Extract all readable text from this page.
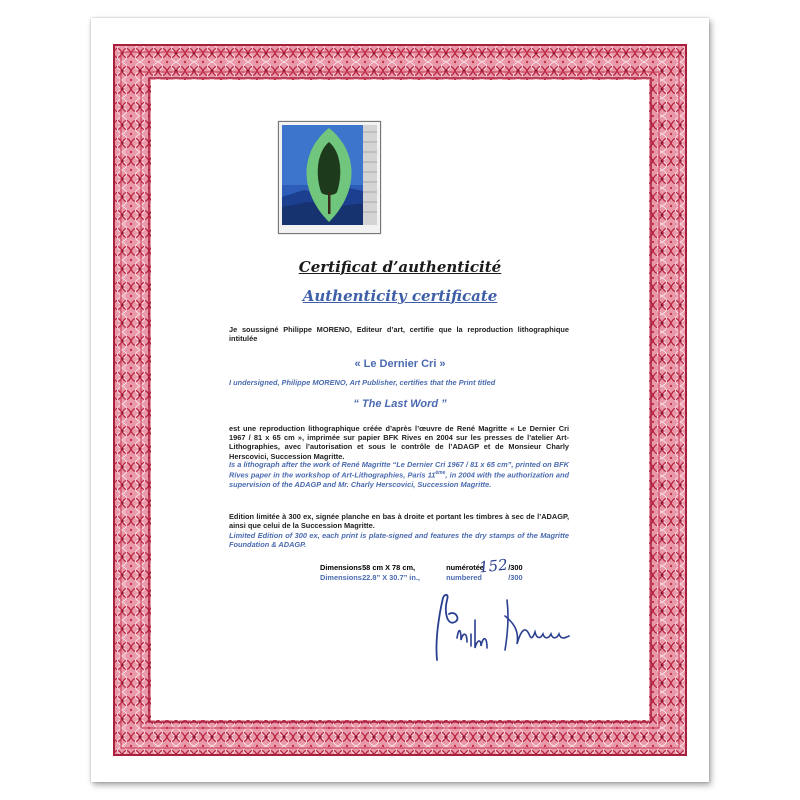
Certificat d’authenticité
Authenticity certificate
Je soussigné Philippe MORENO, Editeur d’art, certifie que la reproduction lithographique intitulée
« Le Dernier Cri »
I undersigned, Philippe MORENO, Art Publisher, certifies that the Print titled
“ The Last Word ”
est une reproduction lithographique créée d’après l’œuvre de René Magritte « Le Dernier Cri 1967 / 81 x 65 cm », imprimée sur papier BFK Rives en 2004 sur les presses de l’atelier Art-Lithographies, avec l’autorisation et sous le contrôle de l’ADAGP et de Monsieur Charly Herscovici, Succession Magritte.
Is a lithograph after the work of René Magritte “Le Dernier Cri 1967 / 81 x 65 cm”, printed on BFK Rives paper in the workshop of Art-Lithographies, Paris 11ème, in 2004 with the authorization and supervision of the ADAGP and Mr. Charly Herscovici, Succession Magritte.
Edition limitée à 300 ex, signée planche en bas à droite et portant les timbres à sec de l’ADAGP, ainsi que celui de la Succession Magritte.
Limited Edition of 300 ex, each print is plate-signed and features the dry stamps of the Magritte Foundation & ADAGP.
Dimensions 58 cm X 78 cm,	numérotée	/300
Dimensions 22.8” X 30.7” in.,	numbered	/300
152
